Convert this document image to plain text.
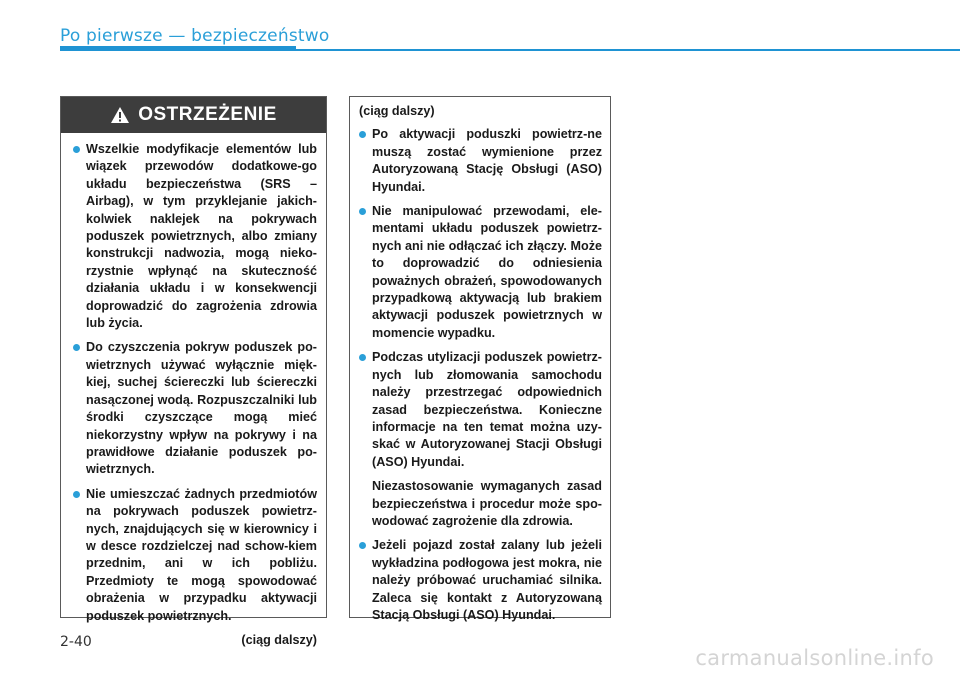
Po pierwsze — bezpieczeństwo
OSTRZEŻENIE
Wszelkie modyfikacje elementów lub wiązek przewodów dodatkowe-go układu bezpieczeństwa (SRS – Airbag), w tym przyklejanie jakich-kolwiek naklejek na pokrywach poduszek powietrznych, albo zmiany konstrukcji nadwozia, mogą nieko-rzystnie wpłynąć na skuteczność działania układu i w konsekwencji doprowadzić do zagrożenia zdrowia lub życia.
Do czyszczenia pokryw poduszek po-wietrznych używać wyłącznie mięk-kiej, suchej ściereczki lub ściereczki nasączonej wodą. Rozpuszczalniki lub środki czyszczące mogą mieć niekorzystny wpływ na pokrywy i na prawidłowe działanie poduszek po-wietrznych.
Nie umieszczać żadnych przedmiotów na pokrywach poduszek powietrz-nych, znajdujących się w kierownicy i w desce rozdzielczej nad schow-kiem przednim, ani w ich pobliżu. Przedmioty te mogą spowodować obrażenia w przypadku aktywacji poduszek powietrznych.

(ciąg dalszy)

(ciąg dalszy)

Po aktywacji poduszki powietrz-ne muszą zostać wymienione przez Autoryzowaną Stację Obsługi (ASO) Hyundai.
Nie manipulować przewodami, ele-mentami układu poduszek powietrz-nych ani nie odłączać ich złączy. Może to doprowadzić do odniesienia poważnych obrażeń, spowodowanych przypadkową aktywacją lub brakiem aktywacji poduszek powietrznych w momencie wypadku.
Podczas utylizacji poduszek powietrz-nych lub złomowania samochodu należy przestrzegać odpowiednich zasad bezpieczeństwa. Konieczne informacje na ten temat można uzy-skać w Autoryzowanej Stacji Obsługi (ASO) Hyundai.

Niezastosowanie wymaganych zasad bezpieczeństwa i procedur może spo-wodować zagrożenie dla zdrowia.

Jeżeli pojazd został zalany lub jeżeli wykładzina podłogowa jest mokra, nie należy próbować uruchamiać silnika. Zaleca się kontakt z Autoryzowaną Stacją Obsługi (ASO) Hyundai.

2-40

carmanualsonline.info
